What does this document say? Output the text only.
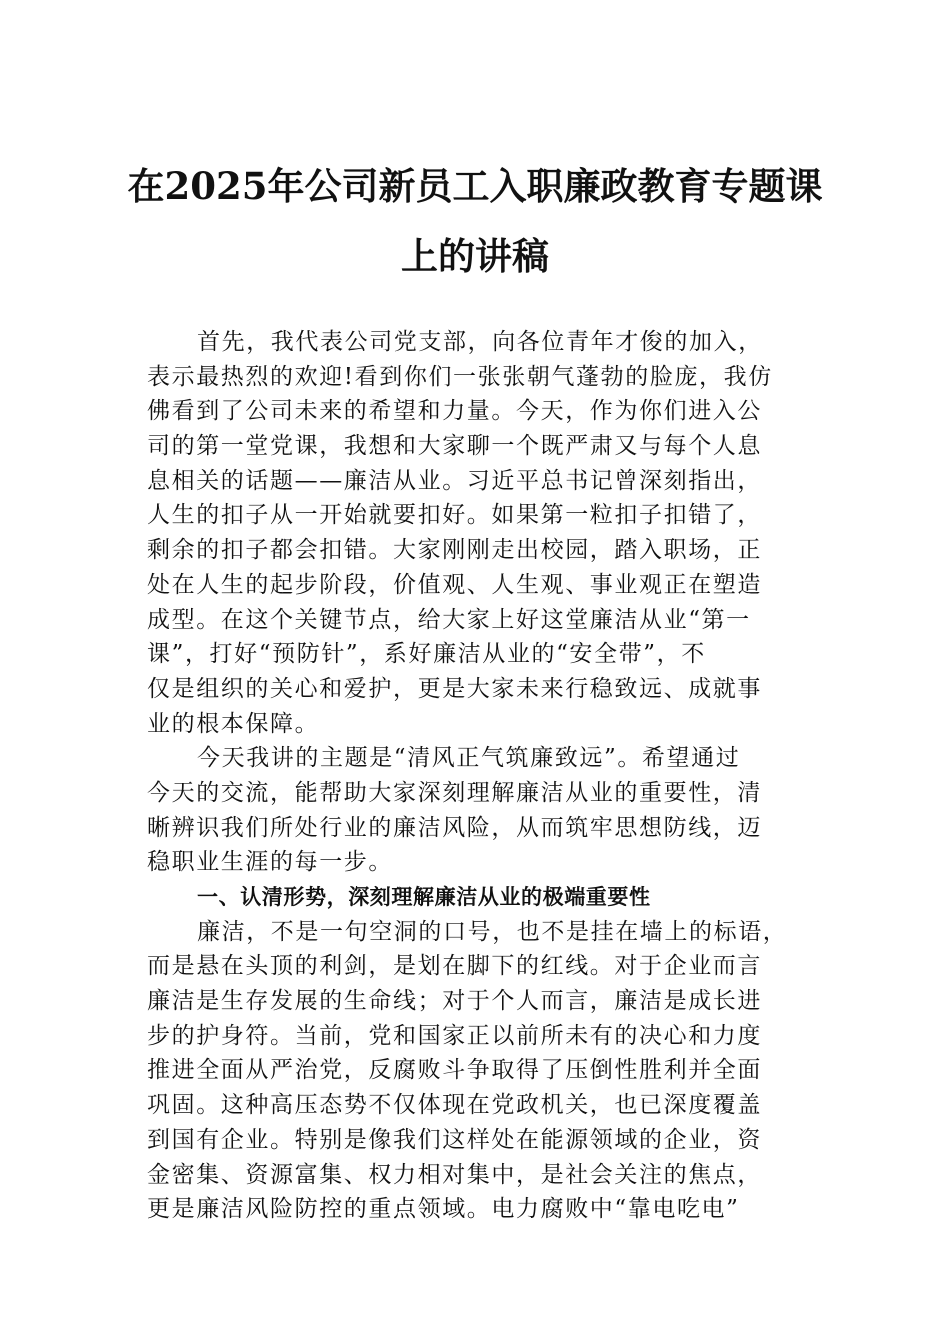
在2025年公司新员工入职廉政教育专题课
上的讲稿
首先，我代表公司党支部，向各位青年才俊的加入，
表示最热烈的欢迎!看到你们一张张朝气蓬勃的脸庞，我仿
佛看到了公司未来的希望和力量。今天，作为你们进入公
司的第一堂党课，我想和大家聊一个既严肃又与每个人息
息相关的话题——廉洁从业。习近平总书记曾深刻指出，
人生的扣子从一开始就要扣好。如果第一粒扣子扣错了，
剩余的扣子都会扣错。大家刚刚走出校园，踏入职场，正
处在人生的起步阶段，价值观、人生观、事业观正在塑造
成型。在这个关键节点，给大家上好这堂廉洁从业“第一
课”，打好“预防针”，系好廉洁从业的“安全带”，不
仅是组织的关心和爱护，更是大家未来行稳致远、成就事
业的根本保障。
今天我讲的主题是“清风正气筑廉致远”。希望通过
今天的交流，能帮助大家深刻理解廉洁从业的重要性，清
晰辨识我们所处行业的廉洁风险，从而筑牢思想防线，迈
稳职业生涯的每一步。
一、认清形势，深刻理解廉洁从业的极端重要性
廉洁，不是一句空洞的口号，也不是挂在墙上的标语，
而是悬在头顶的利剑，是划在脚下的红线。对于企业而言
廉洁是生存发展的生命线；对于个人而言，廉洁是成长进
步的护身符。当前，党和国家正以前所未有的决心和力度
推进全面从严治党，反腐败斗争取得了压倒性胜利并全面
巩固。这种高压态势不仅体现在党政机关，也已深度覆盖
到国有企业。特别是像我们这样处在能源领域的企业，资
金密集、资源富集、权力相对集中，是社会关注的焦点，
更是廉洁风险防控的重点领域。电力腐败中“靠电吃电”
